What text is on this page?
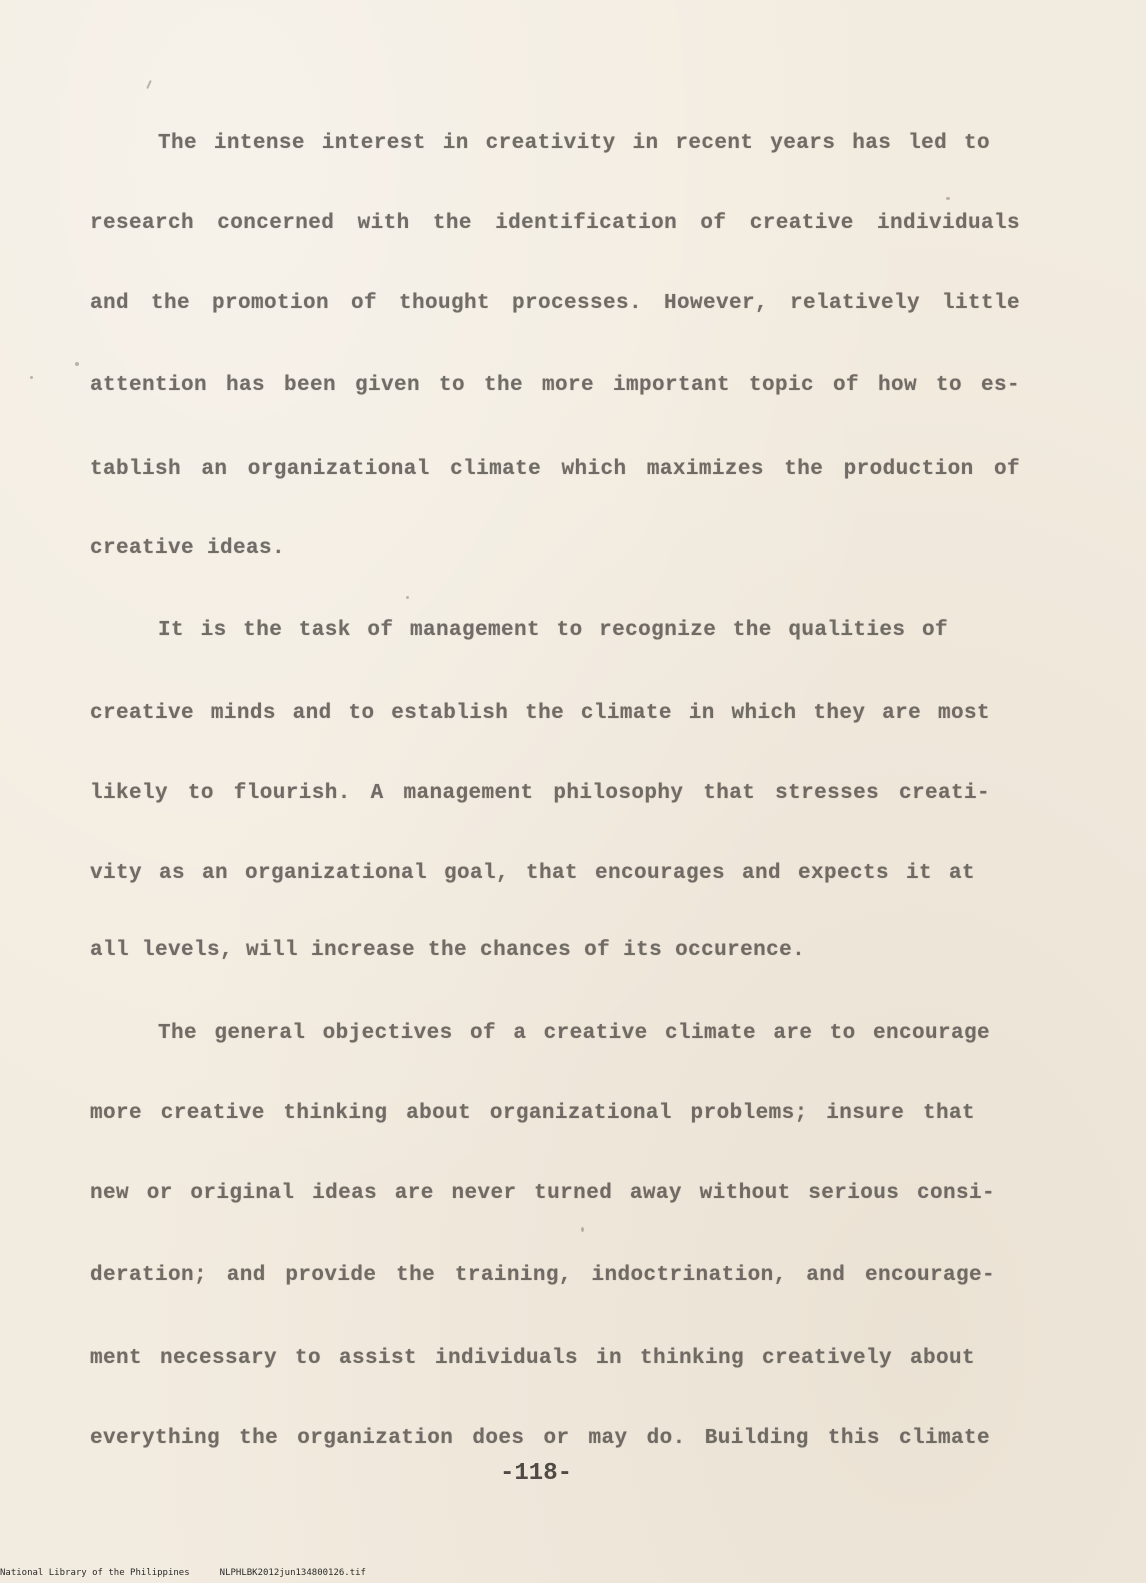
The intense interest in creativity in recent years has led to
research concerned with the identification of creative individuals
and the promotion of thought processes. However, relatively little
attention has been given to the more important topic of how to es-
tablish an organizational climate which maximizes the production of
creative ideas.
It is the task of management to recognize the qualities of
creative minds and to establish the climate in which they are most
likely to flourish. A management philosophy that stresses creati-
vity as an organizational goal, that encourages and expects it at
all levels, will increase the chances of its occurence.
The general objectives of a creative climate are to encourage
more creative thinking about organizational problems; insure that
new or original ideas are never turned away without serious consi-
deration; and provide the training, indoctrination, and encourage-
ment necessary to assist individuals in thinking creatively about
everything the organization does or may do. Building this climate
-118-
National Library of the Philippines	NLPHLBK2012jun134800126.tif
